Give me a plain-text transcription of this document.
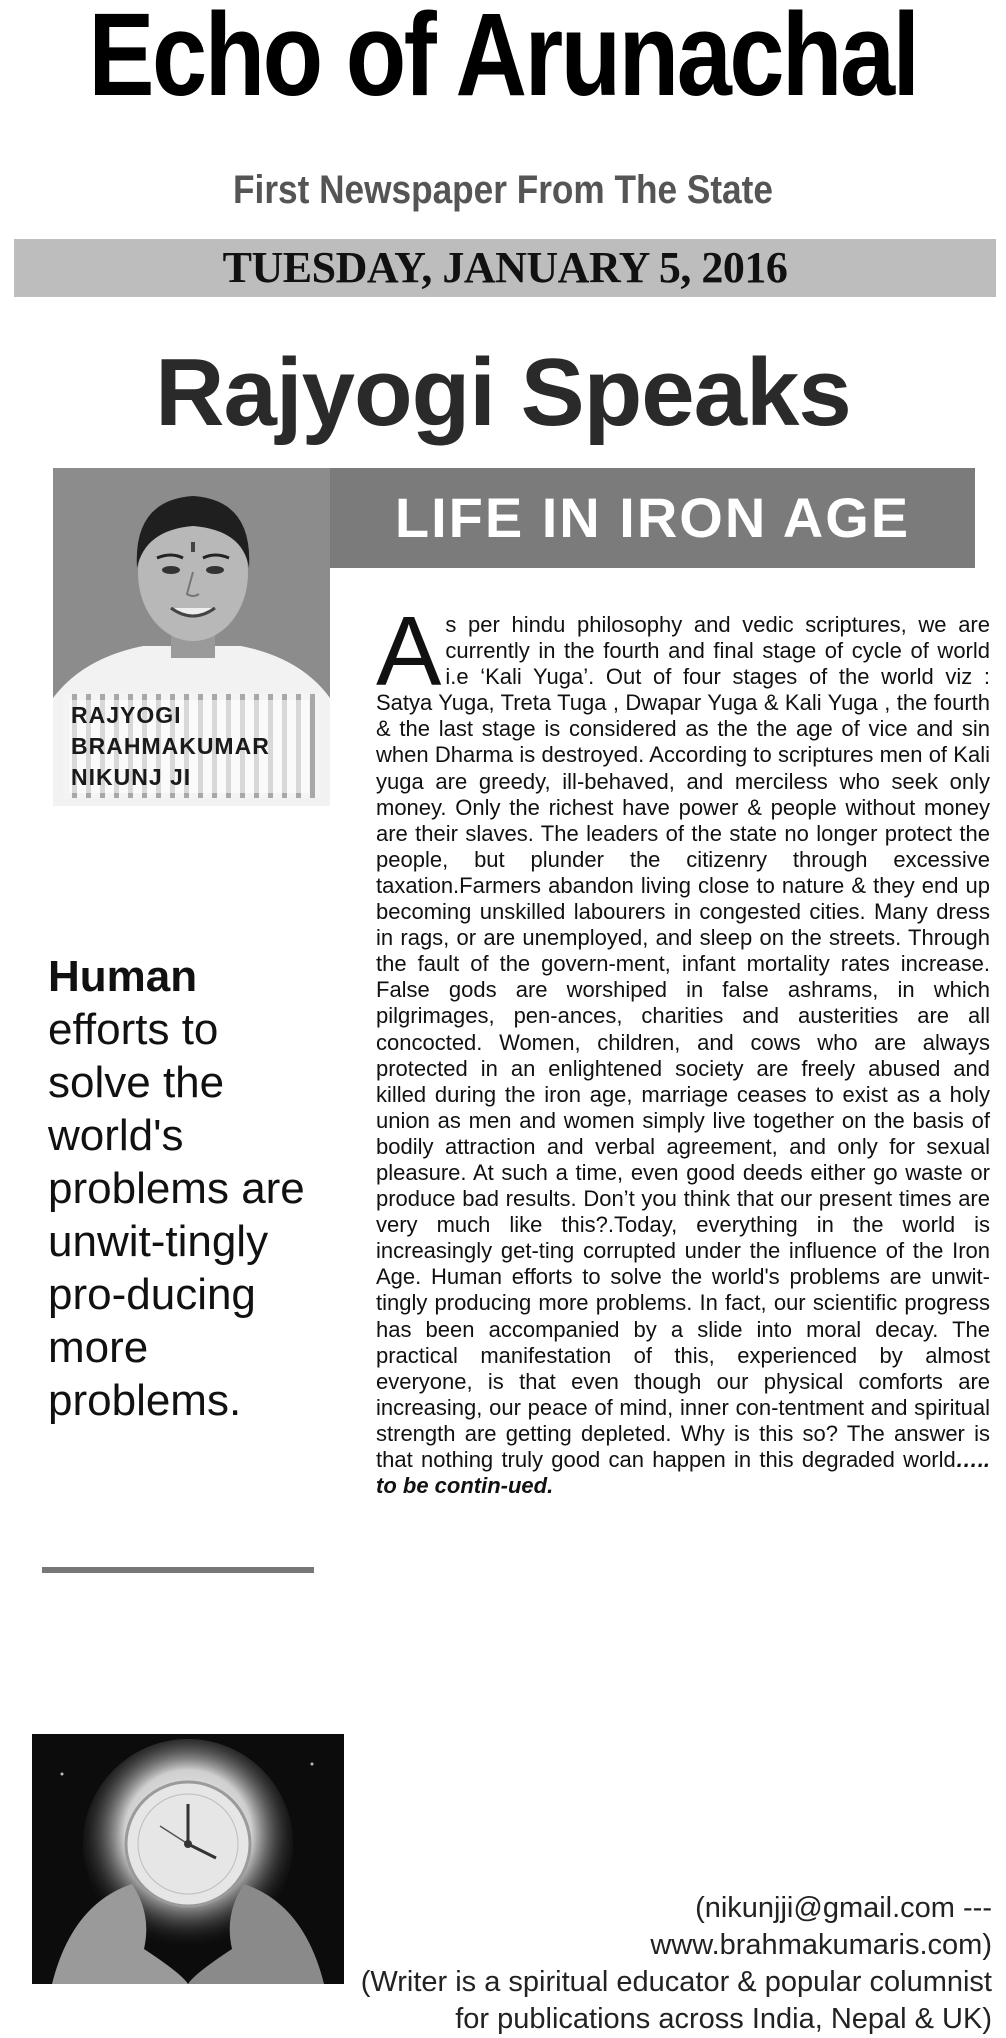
Echo of Arunachal
First Newspaper From The State
TUESDAY, JANUARY 5, 2016
Rajyogi Speaks
RAJYOGI
BRAHMAKUMAR
NIKUNJ JI
LIFE IN IRON AGE
As per hindu philosophy and vedic scriptures, we are currently in the fourth and final stage of cycle of world i.e ‘Kali Yuga’. Out of four stages of the world viz : Satya Yuga, Treta Tuga , Dwapar Yuga & Kali Yuga , the fourth & the last stage is considered as the the age of vice and sin when Dharma is destroyed. According to scriptures men of Kali yuga are greedy, ill-behaved, and merciless who seek only money. Only the richest have power & people without money are their slaves. The leaders of the state no longer protect the people, but plunder the citizenry through excessive taxation.Farmers abandon living close to nature & they end up becoming unskilled labourers in congested cities. Many dress in rags, or are unemployed, and sleep on the streets. Through the fault of the govern-ment, infant mortality rates increase. False gods are worshiped in false ashrams, in which pilgrimages, pen-ances, charities and austerities are all concocted. Women, children, and cows who are always protected in an enlightened society are freely abused and killed during the iron age, marriage ceases to exist as a holy union as men and women simply live together on the basis of bodily attraction and verbal agreement, and only for sexual pleasure. At such a time, even good deeds either go waste or produce bad results. Don’t you think that our present times are very much like this?.Today, everything in the world is increasingly get-ting corrupted under the influence of the Iron Age. Human efforts to solve the world's problems are unwit-tingly producing more problems. In fact, our scientific progress has been accompanied by a slide into moral decay. The practical manifestation of this, experienced by almost everyone, is that even though our physical comforts are increasing, our peace of mind, inner con-tentment and spiritual strength are getting depleted. Why is this so? The answer is that nothing truly good can happen in this degraded world….. to be contin-ued.
Human efforts to solve the world's problems are unwit-tingly pro-ducing more problems.
(nikunjji@gmail.com --- www.brahmakumaris.com)
(Writer is a spiritual educator & popular columnist
for publications across India, Nepal & UK)
